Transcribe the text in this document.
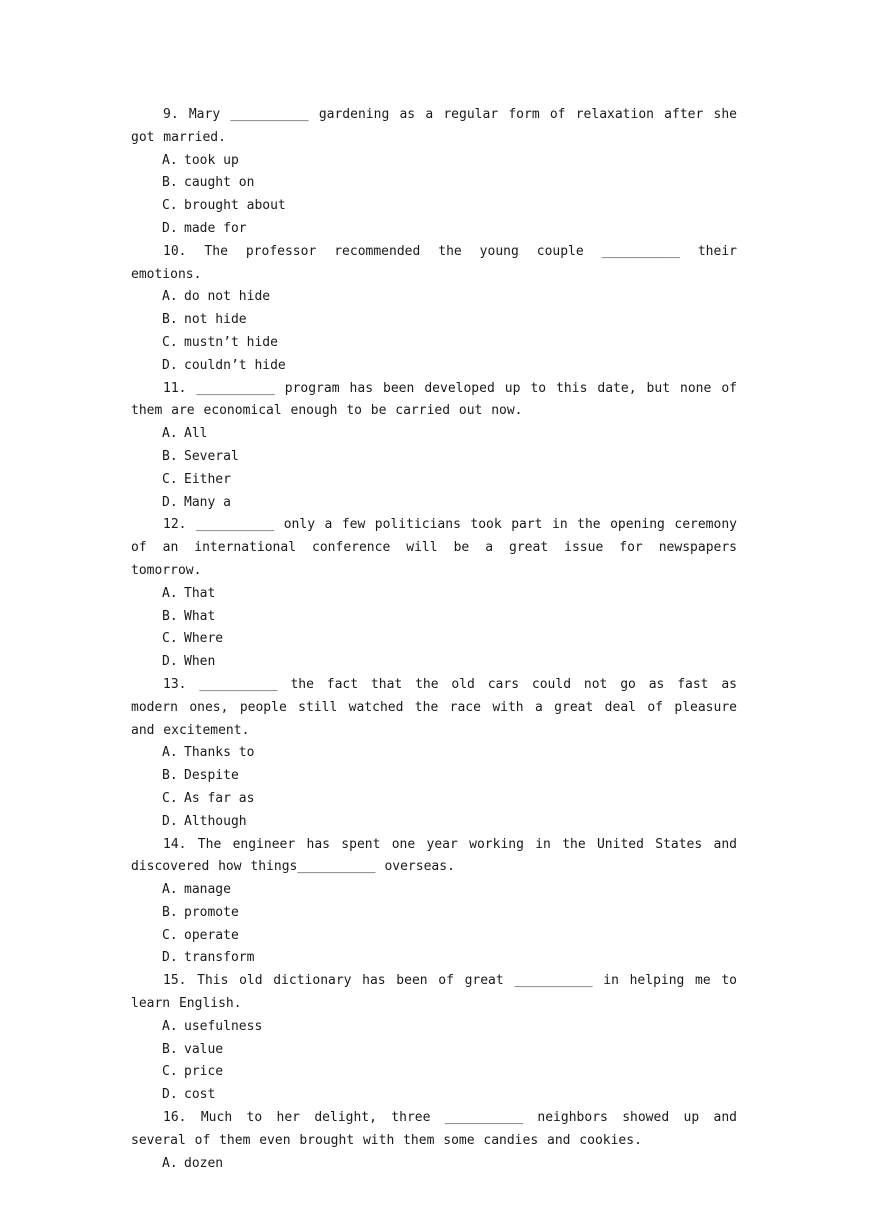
9. Mary __________ gardening as a regular form of relaxation after she got married.

A. took up
B. caught on
C. brought about
D. made for

10. The professor recommended the young couple __________ their emotions.

A. do not hide
B. not hide
C. mustn’t hide
D. couldn’t hide

11. __________ program has been developed up to this date, but none of them are economical enough to be carried out now.

A. All
B. Several
C. Either
D. Many a

12. __________ only a few politicians took part in the opening ceremony of an international conference will be a great issue for newspapers tomorrow.

A. That
B. What
C. Where
D. When

13. __________ the fact that the old cars could not go as fast as modern ones, people still watched the race with a great deal of pleasure and excitement.

A. Thanks to
B. Despite
C. As far as
D. Although

14. The engineer has spent one year working in the United States and discovered how things__________ overseas.

A. manage
B. promote
C. operate
D. transform

15. This old dictionary has been of great __________ in helping me to learn English.

A. usefulness
B. value
C. price
D. cost

16. Much to her delight, three __________ neighbors showed up and several of them even brought with them some candies and cookies.

A. dozen
